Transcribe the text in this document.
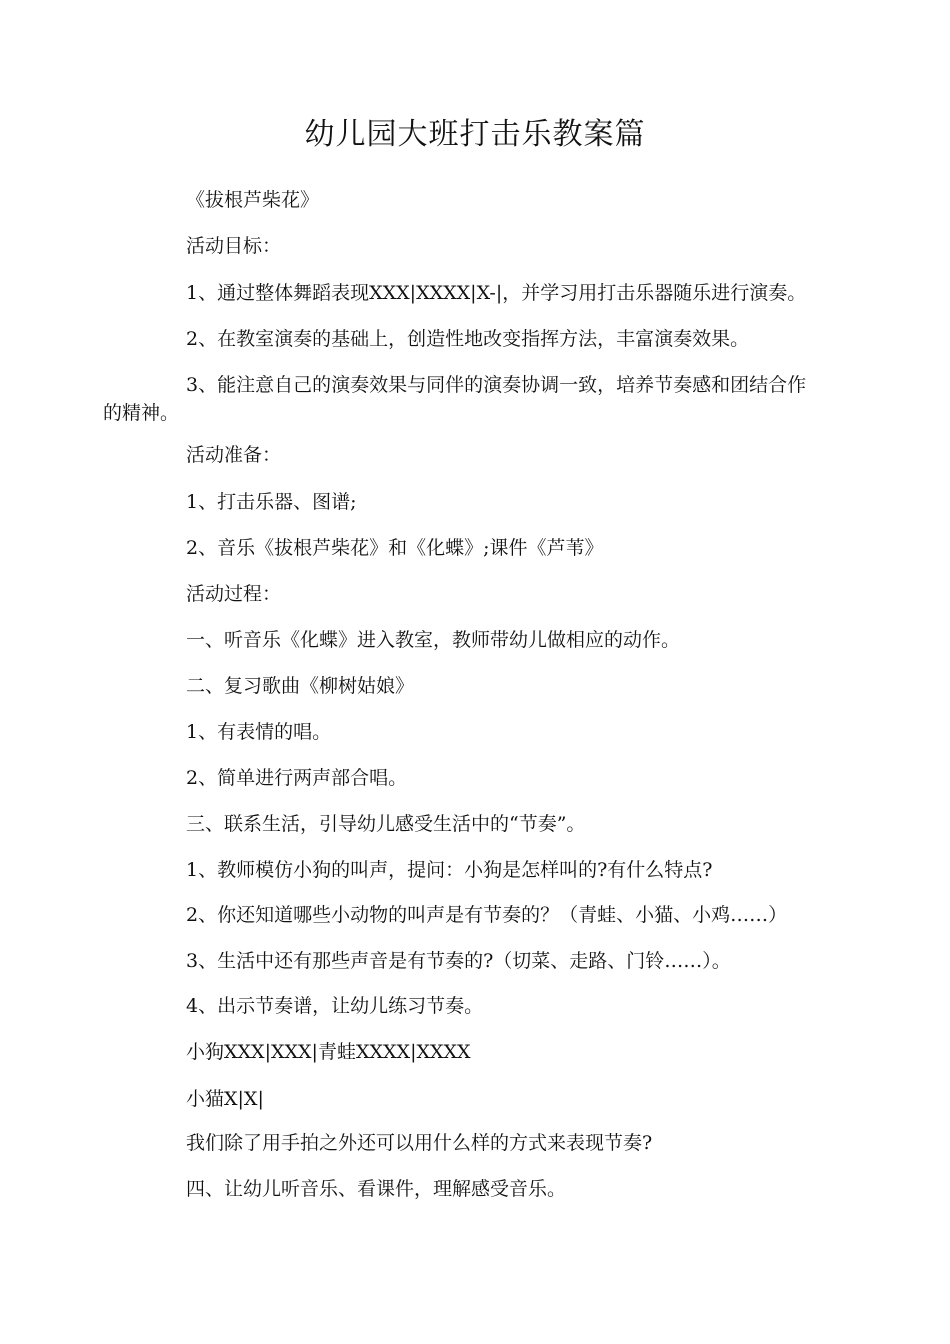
幼儿园大班打击乐教案篇
《拔根芦柴花》
活动目标：
1、通过整体舞蹈表现XXX|XXXX|X-|，并学习用打击乐器随乐进行演奏。
2、在教室演奏的基础上，创造性地改变指挥方法，丰富演奏效果。
3、能注意自己的演奏效果与同伴的演奏协调一致，培养节奏感和团结合作
的精神。
活动准备：
1、打击乐器、图谱;
2、音乐《拔根芦柴花》和《化蝶》;课件《芦苇》
活动过程：
一、听音乐《化蝶》进入教室，教师带幼儿做相应的动作。
二、复习歌曲《柳树姑娘》
1、有表情的唱。
2、简单进行两声部合唱。
三、联系生活，引导幼儿感受生活中的“节奏”。
1、教师模仿小狗的叫声，提问：小狗是怎样叫的?有什么特点?
2、你还知道哪些小动物的叫声是有节奏的？（青蛙、小猫、小鸡……）
3、生活中还有那些声音是有节奏的?（切菜、走路、门铃……）。
4、出示节奏谱，让幼儿练习节奏。
小狗XXX|XXX|青蛙XXXX|XXXX
小猫X|X|
我们除了用手拍之外还可以用什么样的方式来表现节奏?
四、让幼儿听音乐、看课件，理解感受音乐。
